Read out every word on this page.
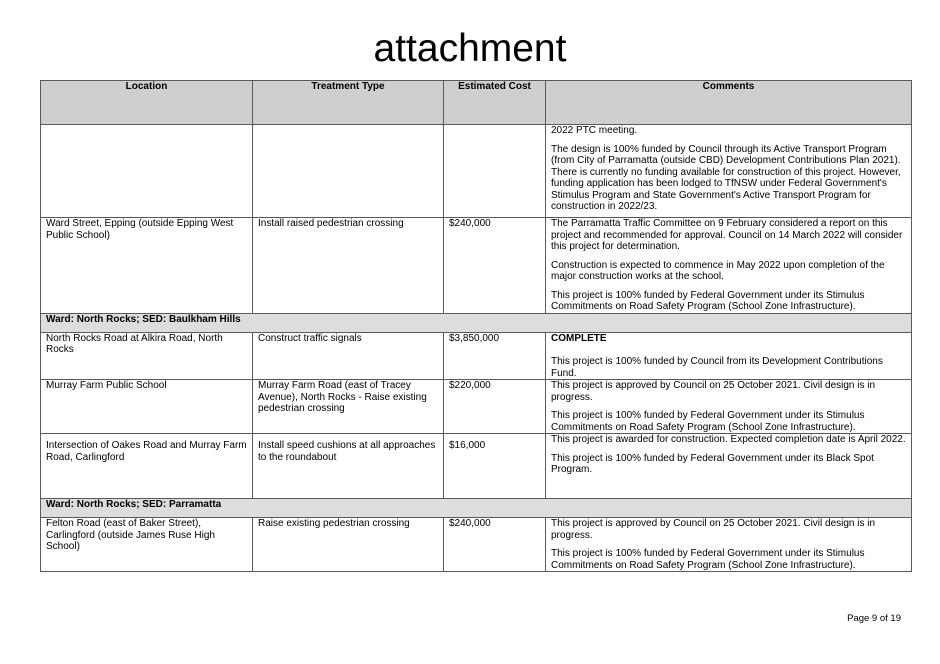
attachment
Location	Treatment Type	Estimated Cost	Comments

			2022 PTC meeting.

The design is 100% funded by Council through its Active Transport Program (from City of Parramatta (outside CBD) Development Contributions Plan 2021). There is currently no funding available for construction of this project. However, funding application has been lodged to TfNSW under Federal Government's Stimulus Program and State Government's Active Transport Program for construction in 2022/23.

Ward Street, Epping (outside Epping West Public School)	Install raised pedestrian crossing	$240,000	The Parramatta Traffic Committee on 9 February considered a report on this project and recommended for approval. Council on 14 March 2022 will consider this project for determination.

Construction is expected to commence in May 2022 upon completion of the major construction works at the school.

This project is 100% funded by Federal Government under its Stimulus Commitments on Road Safety Program (School Zone Infrastructure).

Ward: North Rocks; SED: Baulkham Hills			
North Rocks Road at Alkira Road, North Rocks	Construct traffic signals	$3,850,000	COMPLETE

This project is 100% funded by Council from its Development Contributions Fund.

Murray Farm Public School	Murray Farm Road (east of Tracey Avenue), North Rocks - Raise existing pedestrian crossing	$220,000	This project is approved by Council on 25 October 2021. Civil design is in progress.

This project is 100% funded by Federal Government under its Stimulus Commitments on Road Safety Program (School Zone Infrastructure).

Intersection of Oakes Road and Murray Farm Road, Carlingford	Install speed cushions at all approaches to the roundabout	$16,000	This project is awarded for construction. Expected completion date is April 2022.

This project is 100% funded by Federal Government under its Black Spot Program.

Ward: North Rocks; SED: Parramatta			
Felton Road (east of Baker Street), Carlingford (outside James Ruse High School)	Raise existing pedestrian crossing	$240,000	This project is approved by Council on 25 October 2021. Civil design is in progress.

This project is 100% funded by Federal Government under its Stimulus Commitments on Road Safety Program (School Zone Infrastructure).

Page 9 of 19
